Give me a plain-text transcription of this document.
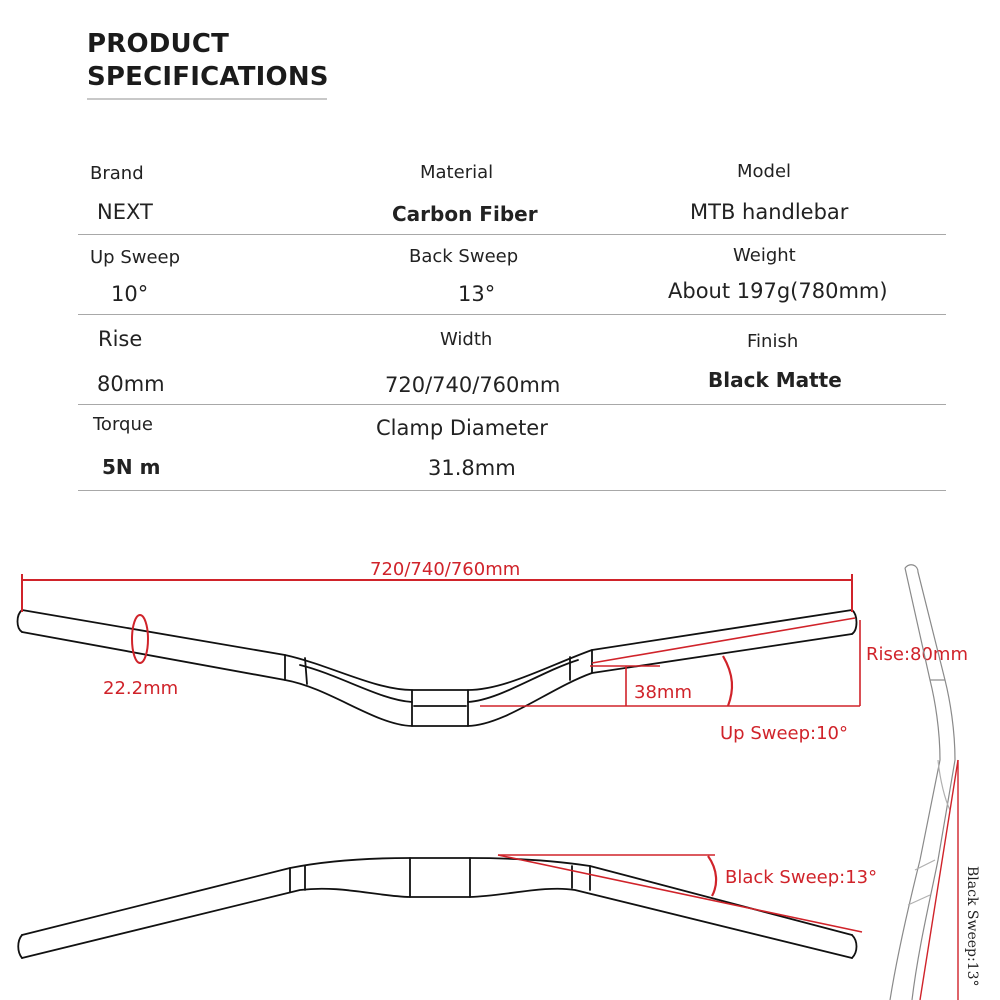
PRODUCT
SPECIFICATIONS
Brand
NEXT
Material
Carbon Fiber
Model
MTB handlebar
Up Sweep
10°
Back Sweep
13°
Weight
About 197g(780mm)
Rise
80mm
Width
720/740/760mm
Finish
Black Matte
Torque
5N m
Clamp Diameter
31.8mm
720/740/760mm
22.2mm	38mm
Rise:80mm
Up Sweep:10°
Black Sweep:13°	Black Sweep:13°
